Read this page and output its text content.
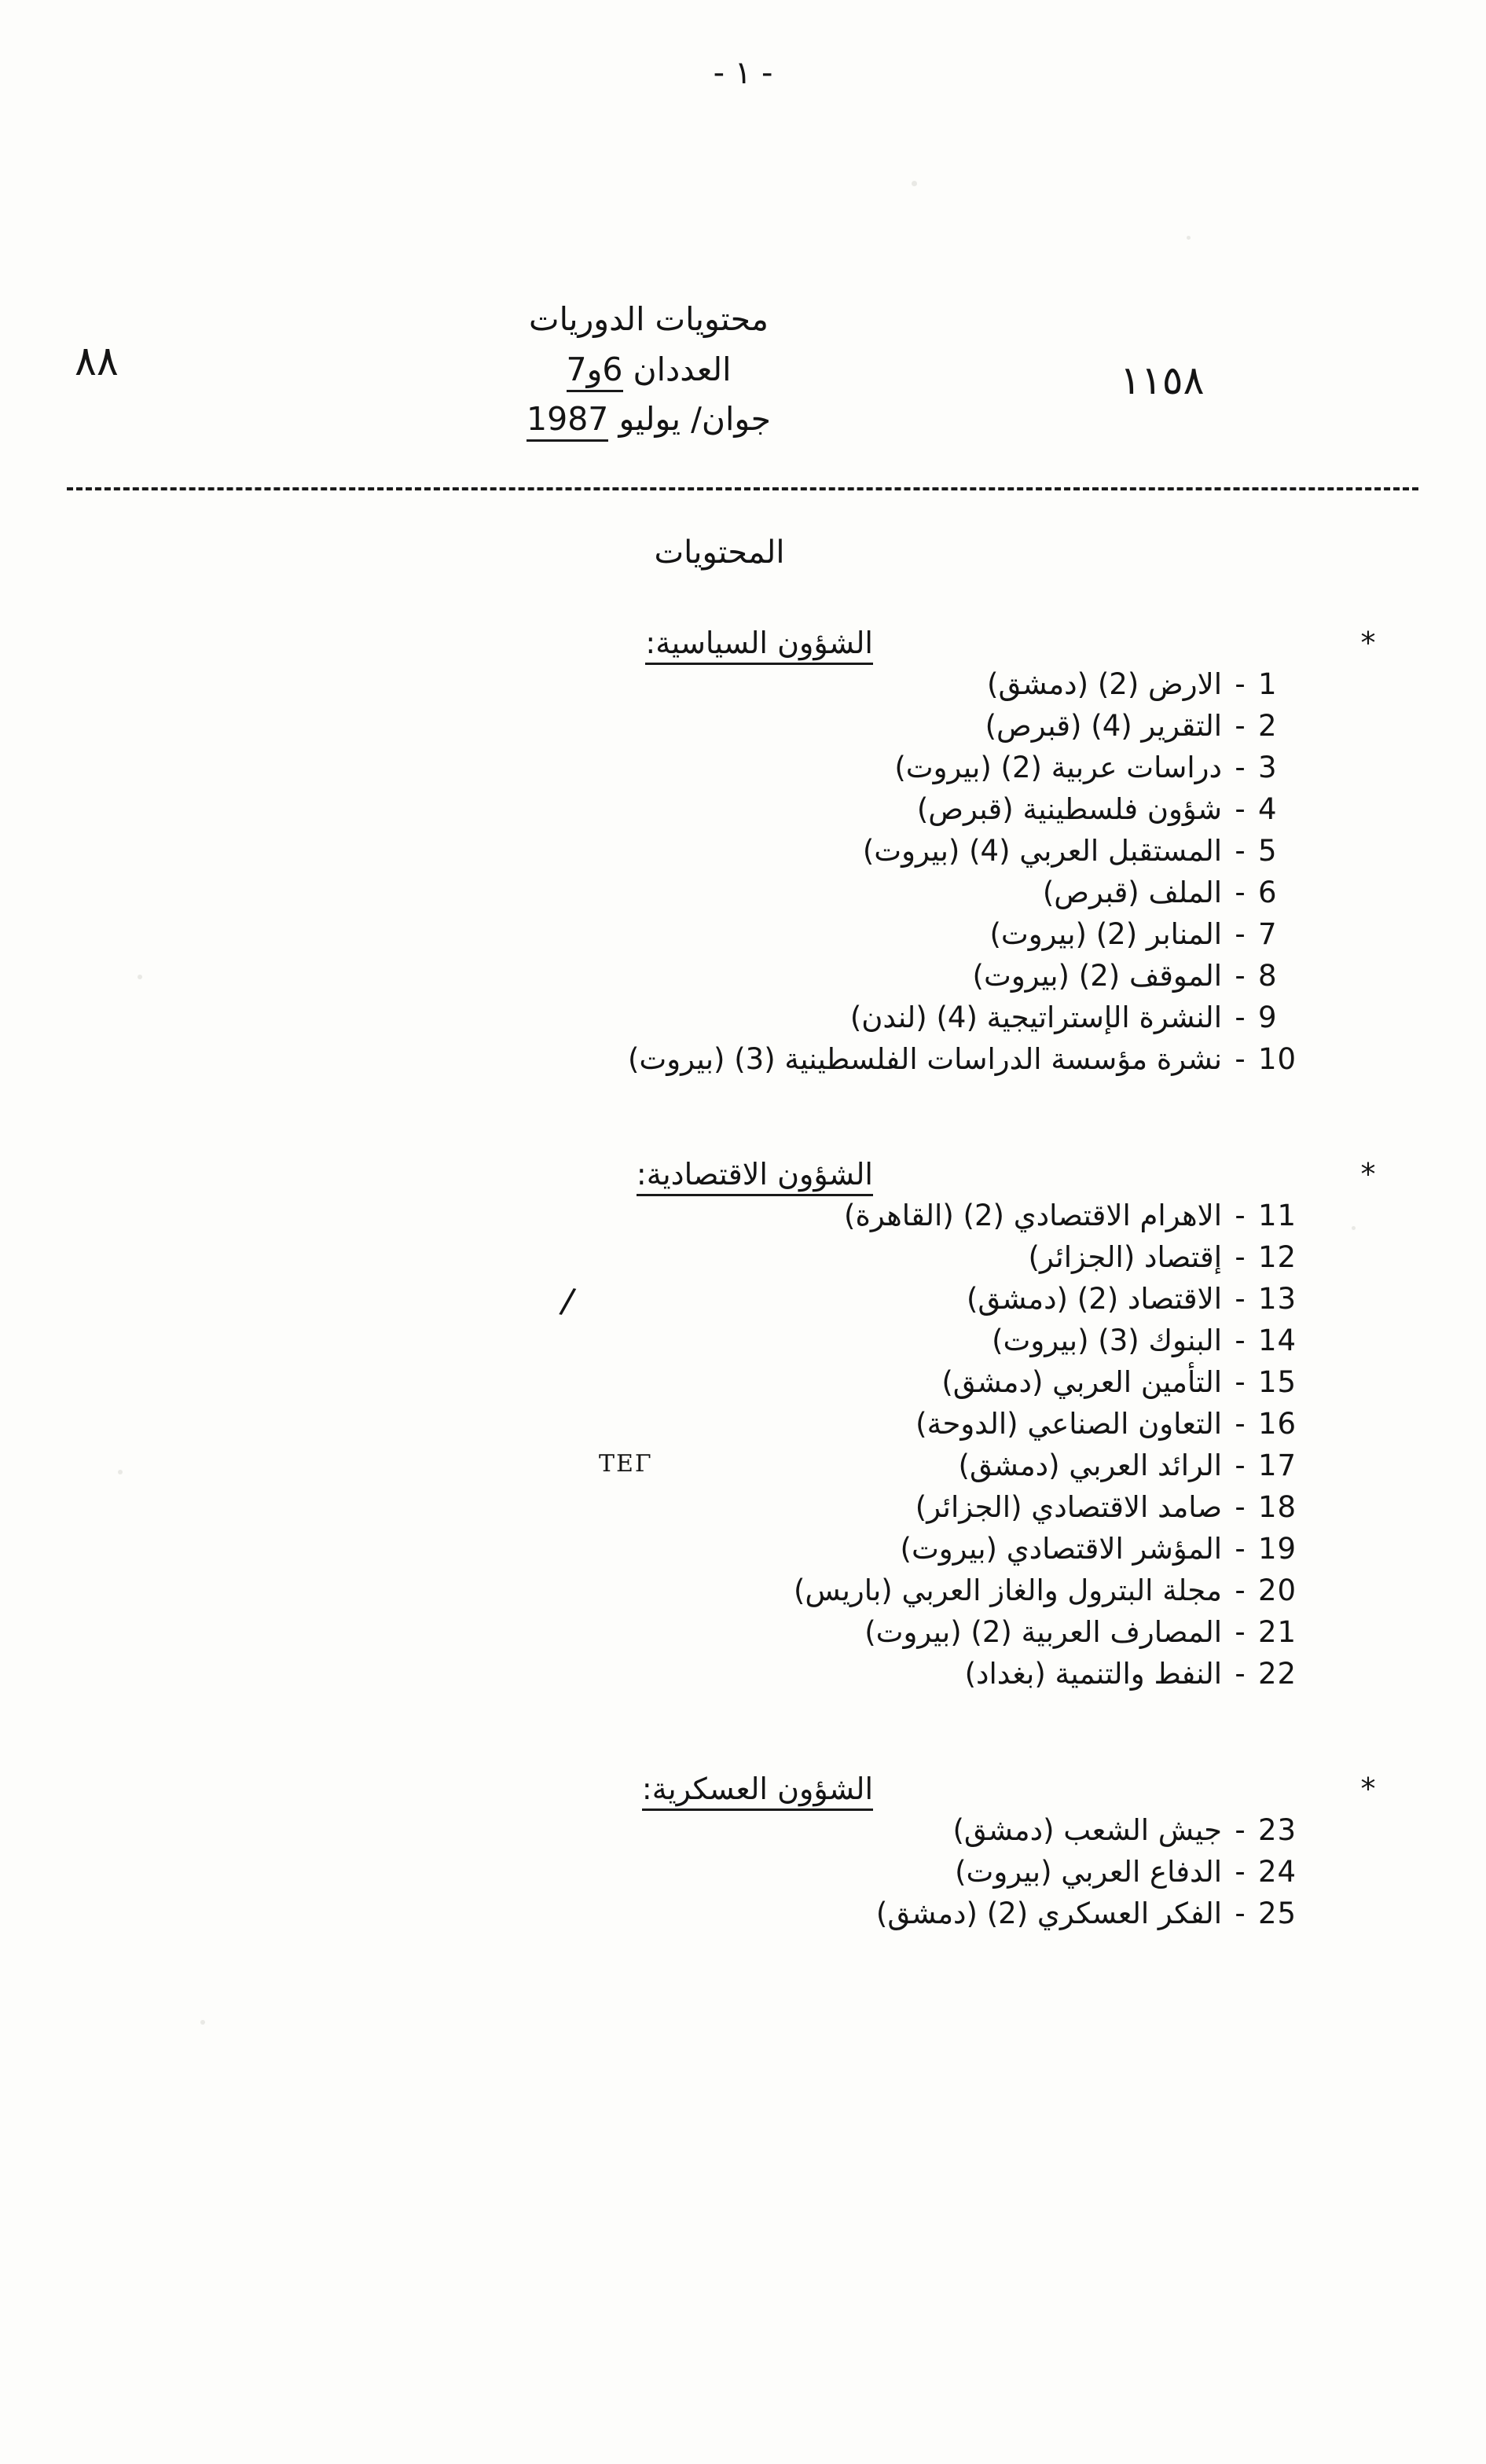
- ١ -
٨٨	١١٥٨
محتويات الدوريات
العددان 6و7
جوان/ يوليو 1987
المحتويات
*
الشؤون السياسية:
1
-
الارض (2) (دمشق)
2
-
التقرير (4) (قبرص)
3
-
دراسات عربية (2) (بيروت)
4
-
شؤون فلسطينية (قبرص)
5
-
المستقبل العربي (4) (بيروت)
6
-
الملف (قبرص)
7
-
المنابر (2) (بيروت)
8
-
الموقف (2) (بيروت)
9
-
النشرة الإستراتيجية (4) (لندن)
10
-
نشرة مؤسسة الدراسات الفلسطينية (3) (بيروت)
*
الشؤون الاقتصادية:
11
-
الاهرام الاقتصادي (2) (القاهرة)
12
-
إقتصاد (الجزائر)
13
-
الاقتصاد (2) (دمشق)
14
-
البنوك (3) (بيروت)
15
-
التأمين العربي (دمشق)
16
-
التعاون الصناعي (الدوحة)
17
-
الرائد العربي (دمشق)
18
-
صامد الاقتصادي (الجزائر)
19
-
المؤشر الاقتصادي (بيروت)
20
-
مجلة البترول والغاز العربي (باريس)
21
-
المصارف العربية (2) (بيروت)
22
-
النفط والتنمية (بغداد)
*
الشؤون العسكرية:
23
-
جيش الشعب (دمشق)
24
-
الدفاع العربي (بيروت)
25
-
الفكر العسكري (2) (دمشق)
/
ΤΕΓ
